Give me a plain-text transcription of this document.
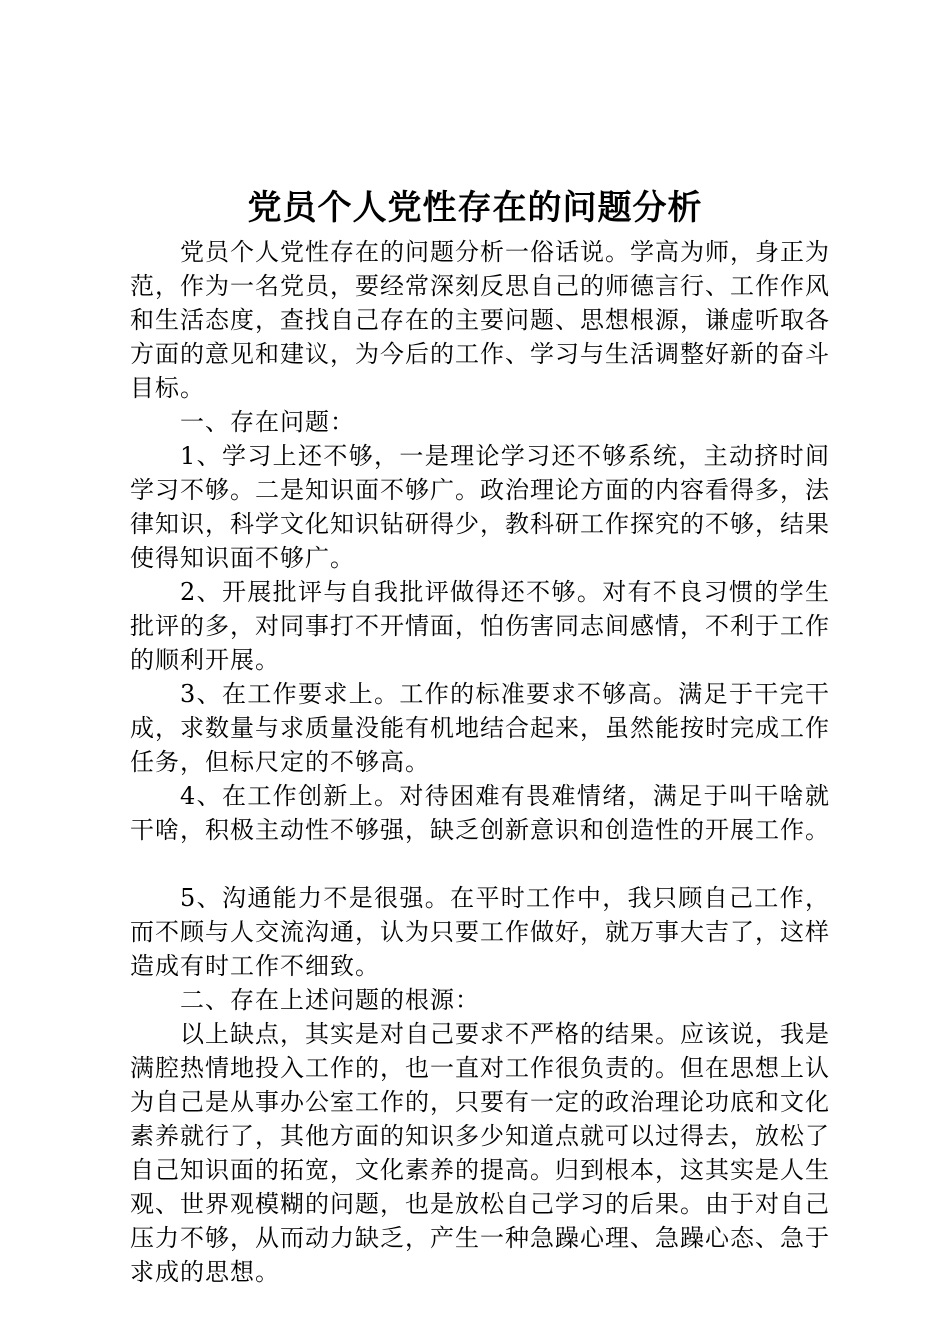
党员个人党性存在的问题分析

党员个人党性存在的问题分析一俗话说。学高为师，身正为范，作为一名党员，要经常深刻反思自己的师德言行、工作作风和生活态度，查找自己存在的主要问题、思想根源，谦虚听取各方面的意见和建议，为今后的工作、学习与生活调整好新的奋斗目标。

一、存在问题：

1、学习上还不够，一是理论学习还不够系统，主动挤时间学习不够。二是知识面不够广。政治理论方面的内容看得多，法律知识，科学文化知识钻研得少，教科研工作探究的不够，结果使得知识面不够广。

2、开展批评与自我批评做得还不够。对有不良习惯的学生批评的多，对同事打不开情面，怕伤害同志间感情，不利于工作的顺利开展。

3、在工作要求上。工作的标准要求不够高。满足于干完干成，求数量与求质量没能有机地结合起来，虽然能按时完成工作任务，但标尺定的不够高。

4、在工作创新上。对待困难有畏难情绪，满足于叫干啥就干啥，积极主动性不够强，缺乏创新意识和创造性的开展工作。

5、沟通能力不是很强。在平时工作中，我只顾自己工作，而不顾与人交流沟通，认为只要工作做好，就万事大吉了，这样造成有时工作不细致。

二、存在上述问题的根源：

以上缺点，其实是对自己要求不严格的结果。应该说，我是满腔热情地投入工作的，也一直对工作很负责的。但在思想上认为自己是从事办公室工作的，只要有一定的政治理论功底和文化素养就行了，其他方面的知识多少知道点就可以过得去，放松了自己知识面的拓宽，文化素养的提高。归到根本，这其实是人生观、世界观模糊的问题，也是放松自己学习的后果。由于对自己压力不够，从而动力缺乏，产生一种急躁心理、急躁心态、急于求成的思想。
